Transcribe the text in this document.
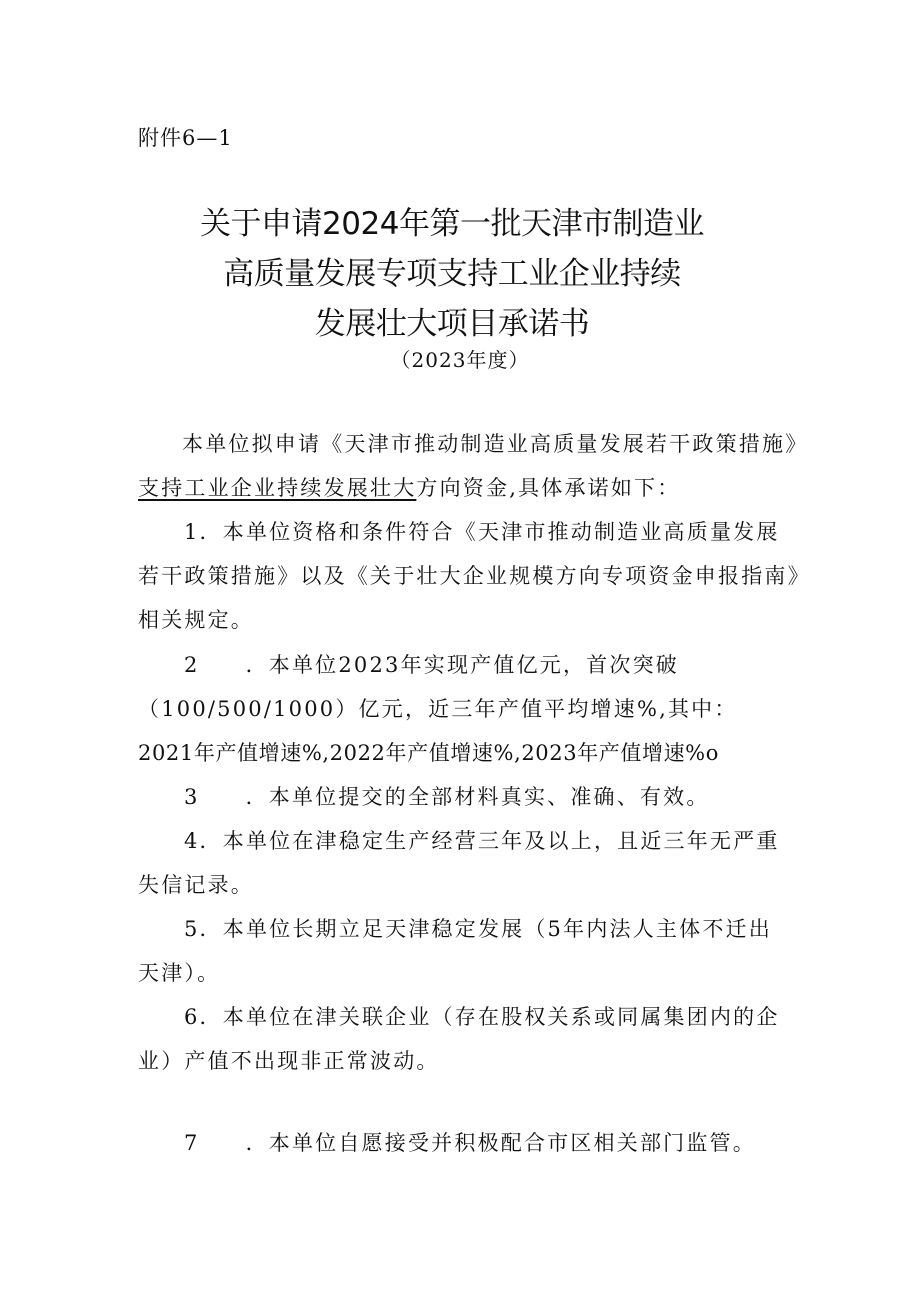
附件6—1
关于申请2024年第一批天津市制造业
高质量发展专项支持工业企业持续
发展壮大项目承诺书
（2023年度）
本单位拟申请《天津市推动制造业高质量发展若干政策措施》
支持工业企业持续发展壮大方向资金,具体承诺如下：
1．本单位资格和条件符合《天津市推动制造业高质量发展
若干政策措施》以及《关于壮大企业规模方向专项资金申报指南》
相关规定。
2 ．本单位2023年实现产值亿元，首次突破
（100/500/1000）亿元，近三年产值平均增速%,其中：
2021年产值增速%,2022年产值增速%,2023年产值增速%o
3 ．本单位提交的全部材料真实、准确、有效。
4．本单位在津稳定生产经营三年及以上，且近三年无严重
失信记录。
5．本单位长期立足天津稳定发展（5年内法人主体不迁出
天津）。
6．本单位在津关联企业（存在股权关系或同属集团内的企
业）产值不出现非正常波动。
7 ．本单位自愿接受并积极配合市区相关部门监管。
